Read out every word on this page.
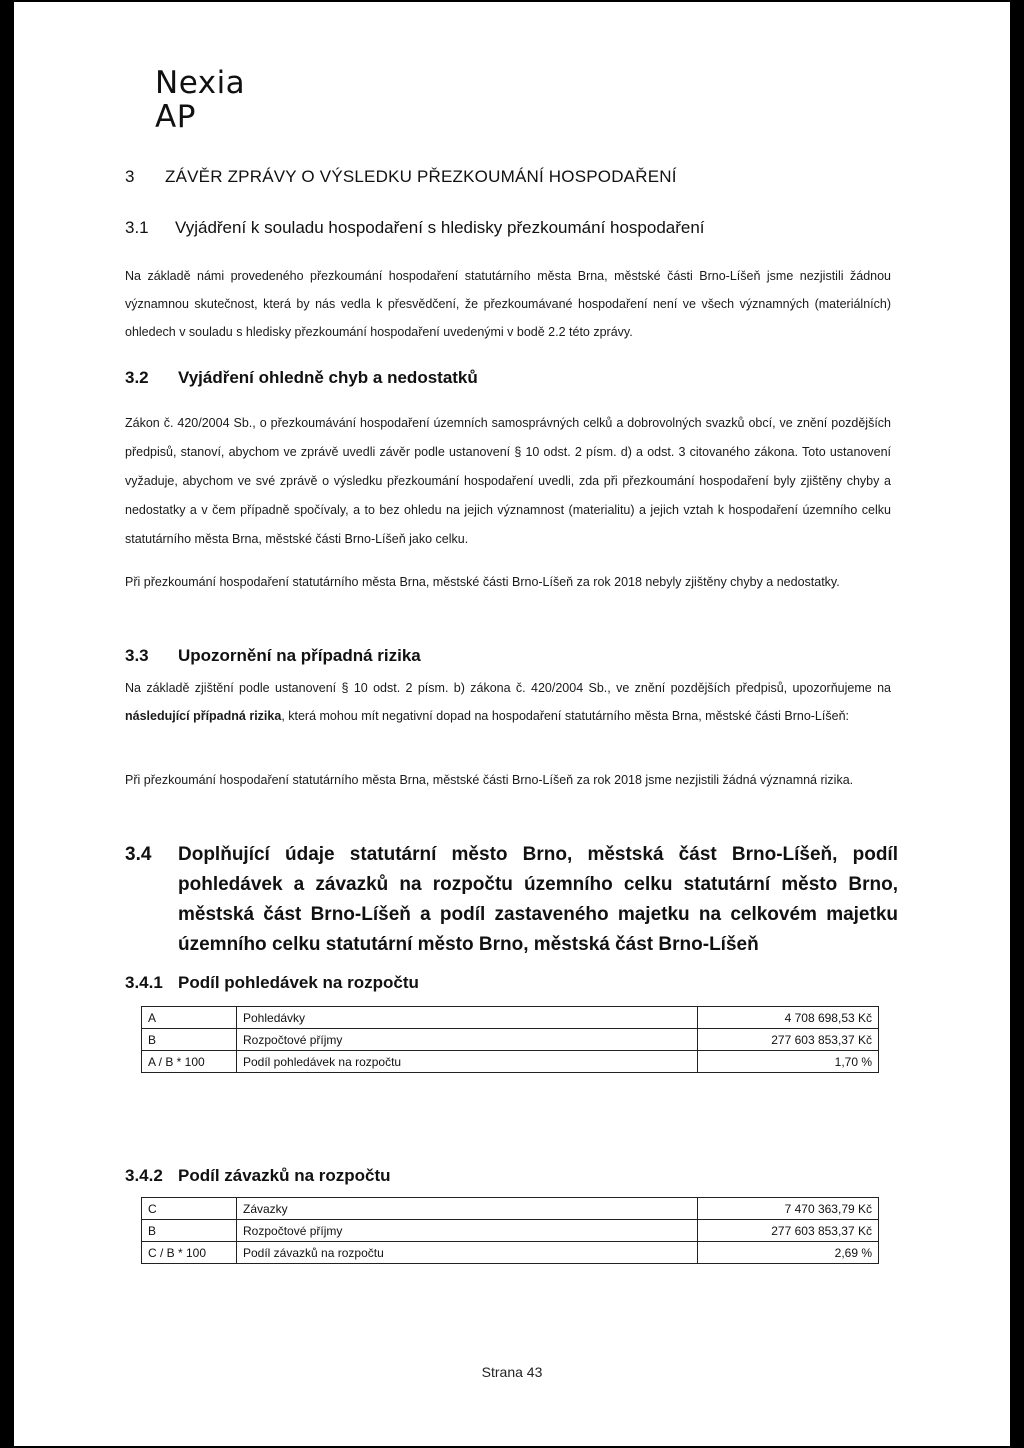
Nexia
AP
3 ZÁVĚR ZPRÁVY O VÝSLEDKU PŘEZKOUMÁNÍ HOSPODAŘENÍ
3.1 Vyjádření k souladu hospodaření s hledisky přezkoumání hospodaření

Na základě námi provedeného přezkoumání hospodaření statutárního města Brna, městské části Brno-Líšeň jsme nezjistili žádnou významnou skutečnost, která by nás vedla k přesvědčení, že přezkoumávané hospodaření není ve všech významných (materiálních) ohledech v souladu s hledisky přezkoumání hospodaření uvedenými v bodě 2.2 této zprávy.

3.2 Vyjádření ohledně chyb a nedostatků

Zákon č. 420/2004 Sb., o přezkoumávání hospodaření územních samosprávných celků a dobrovolných svazků obcí, ve znění pozdějších předpisů, stanoví, abychom ve zprávě uvedli závěr podle ustanovení § 10 odst. 2 písm. d) a odst. 3 citovaného zákona. Toto ustanovení vyžaduje, abychom ve své zprávě o výsledku přezkoumání hospodaření uvedli, zda při přezkoumání hospodaření byly zjištěny chyby a nedostatky a v čem případně spočívaly, a to bez ohledu na jejich významnost (materialitu) a jejich vztah k hospodaření územního celku statutárního města Brna, městské části Brno-Líšeň jako celku.

Při přezkoumání hospodaření statutárního města Brna, městské části Brno-Líšeň za rok 2018 nebyly zjištěny chyby a nedostatky.

3.3 Upozornění na případná rizika

Na základě zjištění podle ustanovení § 10 odst. 2 písm. b) zákona č. 420/2004 Sb., ve znění pozdějších předpisů, upozorňujeme na následující případná rizika, která mohou mít negativní dopad na hospodaření statutárního města Brna, městské části Brno-Líšeň:

Při přezkoumání hospodaření statutárního města Brna, městské části Brno-Líšeň za rok 2018 jsme nezjistili žádná významná rizika.

3.4 Doplňující údaje statutární město Brno, městská část Brno-Líšeň, podíl pohledávek a závazků na rozpočtu územního celku statutární město Brno, městská část Brno-Líšeň a podíl zastaveného majetku na celkovém majetku územního celku statutární město Brno, městská část Brno-Líšeň
3.4.1 Podíl pohledávek na rozpočtu
A	Pohledávky	4 708 698,53 Kč
B	Rozpočtové příjmy	277 603 853,37 Kč
A / B * 100	Podíl pohledávek na rozpočtu	1,70 %
3.4.2 Podíl závazků na rozpočtu
C	Závazky	7 470 363,79 Kč
B	Rozpočtové příjmy	277 603 853,37 Kč
C / B * 100	Podíl závazků na rozpočtu	2,69 %
Strana 43
